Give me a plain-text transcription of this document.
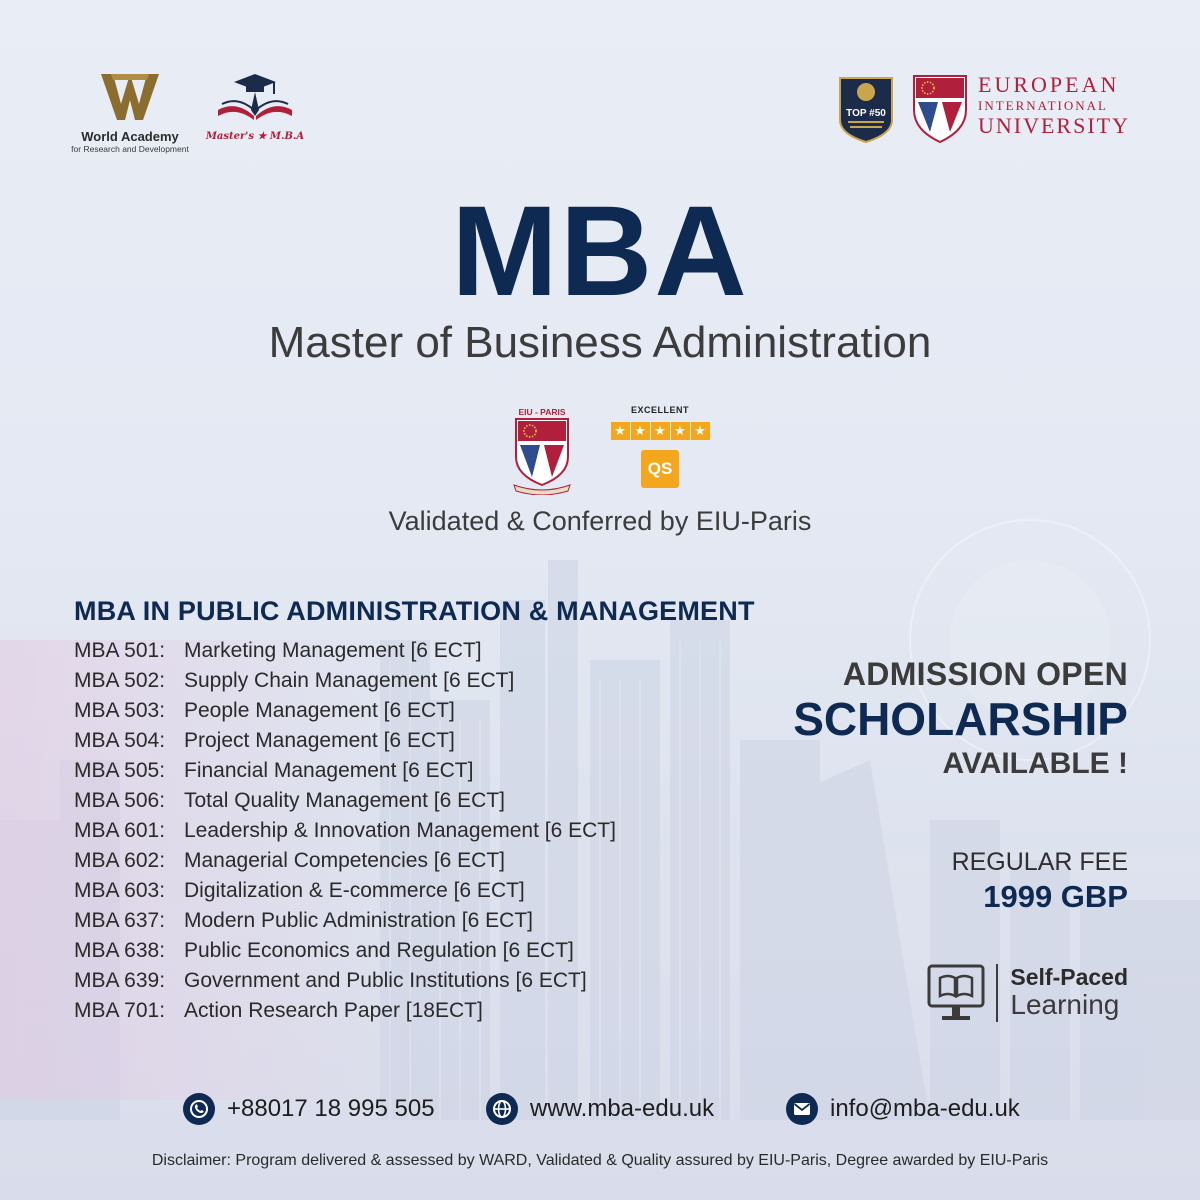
World Academy
for Research and Development
Master's ★ M.B.A
TOP #50
EUROPEAN
INTERNATIONAL
UNIVERSITY
MBA
Master of Business Administration
EIU - PARIS	EXCELLENT
★ ★ ★ ★ ★
QS
Validated & Conferred by EIU-Paris
MBA IN PUBLIC ADMINISTRATION & MANAGEMENT
MBA 501: Marketing Management [6 ECT]
MBA 502: Supply Chain Management [6 ECT]
MBA 503: People Management [6 ECT]
MBA 504: Project Management [6 ECT]
MBA 505: Financial Management [6 ECT]
MBA 506: Total Quality Management [6 ECT]
MBA 601: Leadership & Innovation Management [6 ECT]
MBA 602: Managerial Competencies [6 ECT]
MBA 603: Digitalization & E-commerce [6 ECT]
MBA 637: Modern Public Administration [6 ECT]
MBA 638: Public Economics and Regulation [6 ECT]
MBA 639: Government and Public Institutions [6 ECT]
MBA 701: Action Research Paper [18ECT]
ADMISSION OPEN
SCHOLARSHIP
AVAILABLE !
REGULAR FEE
1999 GBP
Self-Paced
Learning
+88017 18 995 505	www.mba-edu.uk	info@mba-edu.uk
Disclaimer: Program delivered & assessed by WARD, Validated & Quality assured by EIU-Paris, Degree awarded by EIU-Paris
